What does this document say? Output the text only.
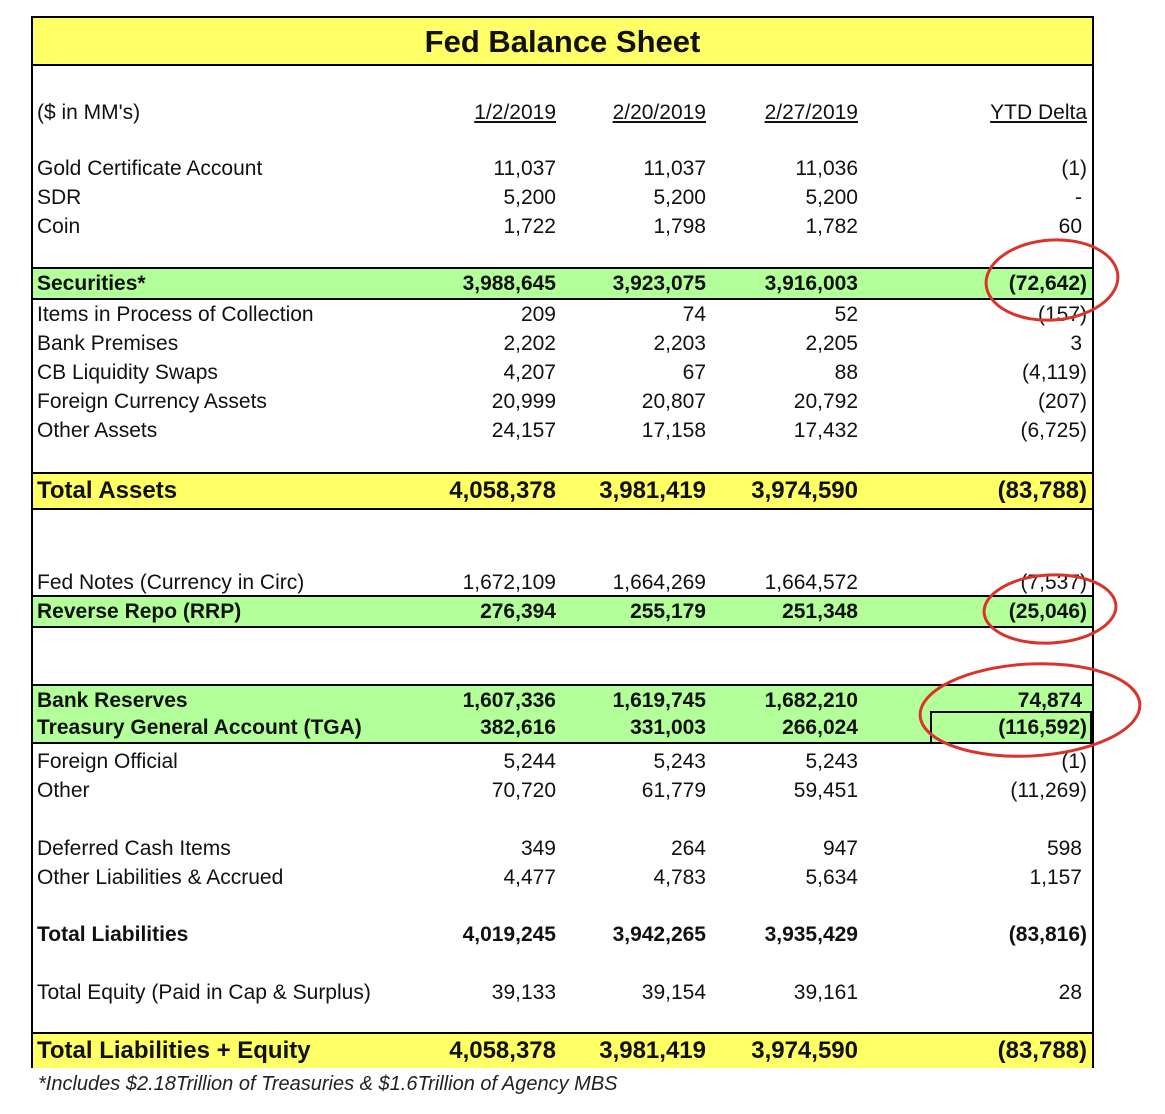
Fed Balance Sheet
($ in MM's)	1/2/2019	2/20/2019	2/27/2019	YTD Delta
Gold Certificate Account	11,037	11,037	11,036	(1)
SDR	5,200	5,200	5,200	-
Coin	1,722	1,798	1,782	60
Securities*	3,988,645	3,923,075	3,916,003	(72,642)
Items in Process of Collection	209	74	52	(157)
Bank Premises	2,202	2,203	2,205	3
CB Liquidity Swaps	4,207	67	88	(4,119)
Foreign Currency Assets	20,999	20,807	20,792	(207)
Other Assets	24,157	17,158	17,432	(6,725)
Total Assets	4,058,378 3,981,419 3,974,590	(83,788)
Fed Notes (Currency in Circ)	1,672,109	1,664,269	1,664,572	(7,537)
Reverse Repo (RRP)	276,394	255,179	251,348	(25,046)
Bank Reserves	1,607,336	1,619,745	1,682,210	74,874
Treasury General Account (TGA)	382,616	331,003	266,024	(116,592)
Foreign Official	5,244	5,243	5,243	(1)
Other	70,720	61,779	59,451	(11,269)
Deferred Cash Items	349	264	947	598
Other Liabilities & Accrued	4,477	4,783	5,634	1,157
Total Liabilities	4,019,245	3,942,265	3,935,429	(83,816)
Total Equity (Paid in Cap & Surplus)	39,133	39,154	39,161	28
Total Liabilities + Equity	4,058,378 3,981,419 3,974,590	(83,788)
*Includes $2.18Trillion of Treasuries & $1.6Trillion of Agency MBS
